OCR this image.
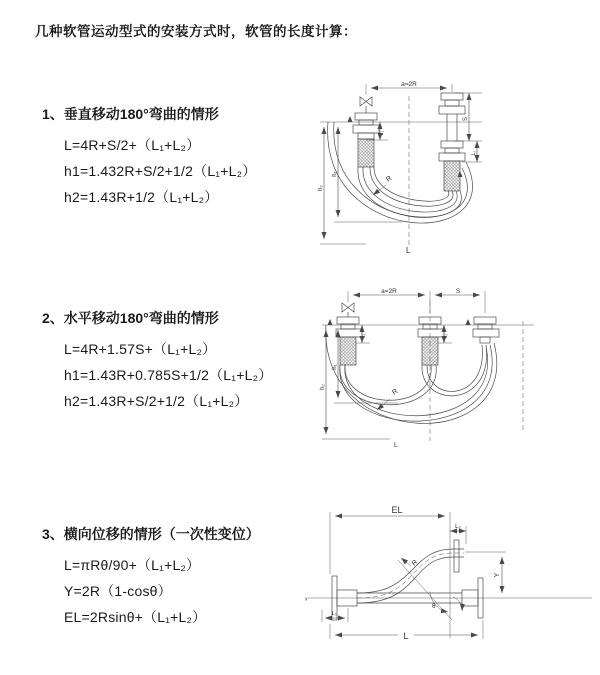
几种软管运动型式的安装方式时，软管的长度计算：
1、垂直移动180°弯曲的情形
L=4R+S/2+（L₁+L₂）
h1=1.432R+S/2+1/2（L₁+L₂）
h2=1.43R+1/2（L₁+L₂）
2、水平移动180°弯曲的情形
L=4R+1.57S+（L₁+L₂）
h1=1.43R+0.785S+1/2（L₁+L₂）
h2=1.43R+S/2+1/2（L₁+L₂）
3、横向位移的情形（一次性变位）
L=πRθ/90+（L₁+L₂）
Y=2R（1-cosθ）
EL=2Rsinθ+（L₁+L₂）
a=2R
h₂
h₁
L₁
S
L₂
R
L
a=2R	S
h₂
h₁
L₁	L₂
R
L
EL
L₂
x
Y
θ
R
L
L₁
